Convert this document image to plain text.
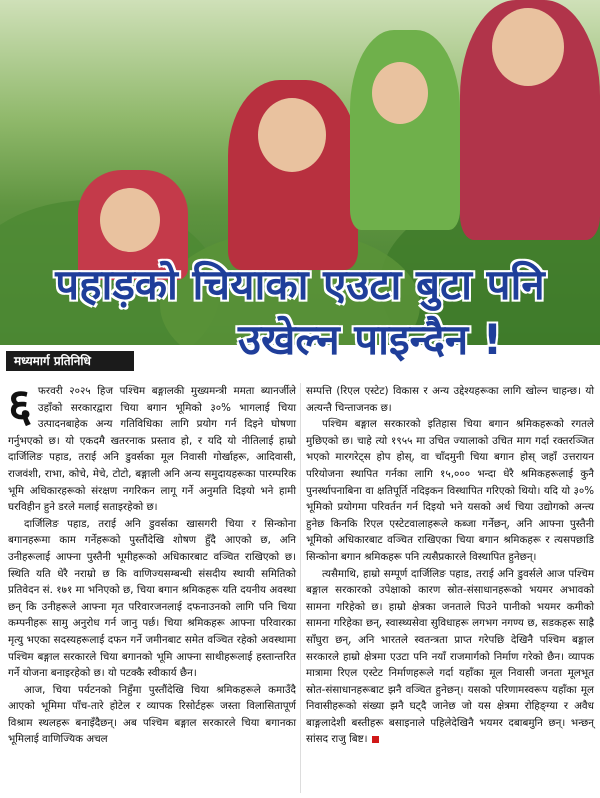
पहाड़को चियाका एउटा बुटा पनि
उखेल्न पाइन्दैन !
मध्यमार्ग प्रतिनिधि

६ फरवरी २०२५ हिज पश्चिम बङ्गालकी मुख्यमन्त्री ममता ब्यानर्जीले उहाँको सरकारद्वारा चिया बगान भूमिको ३०% भागलाई चिया उत्पादनबाहेक अन्य गतिविधिका लागि प्रयोग गर्न दिइने घोषणा गर्नुभएको छ। यो एकदमै खतरनाक प्रस्ताव हो, र यदि यो नीतिलाई हाम्रो दार्जिलिङ पहाड, तराई अनि डुवर्सका मूल निवासी गोर्खाहरू, आदिवासी, राजवंशी, राभा, कोचे, मेचे, टोटो, बङ्गाली अनि अन्य समुदायहरूका पारम्परिक भूमि अधिकारहरूको संरक्षण नगरिकन लागू गर्ने अनुमति दिइयो भने हामी घरविहीन हुने डरले मलाई सताइरहेको छ।

दार्जिलिङ पहाड, तराई अनि डुवर्सका खासगरी चिया र सिन्कोना बगानहरूमा काम गर्नेहरूको पुस्तौंदेखि शोषण हुँदै आएको छ, अनि उनीहरूलाई आफ्ना पुस्तैनी भूमीहरूको अधिकारबाट वञ्चित राखिएको छ। स्थिति यति धेरै नराम्रो छ कि वाणिज्यसम्बन्धी संसदीय स्थायी समितिको प्रतिवेदन सं. १७१ मा भनिएको छ, चिया बगान श्रमिकहरू यति दयनीय अवस्था छन् कि उनीहरूले आफ्ना मृत परिवारजनलाई दफनाउनको लागि पनि चिया कम्पनीहरू सामु अनुरोध गर्न जानु पर्छ। चिया श्रमिकहरू आफ्ना परिवारका मृत्यु भएका सदस्यहरूलाई दफन गर्ने जमीनबाट समेत वञ्चित रहेको अवस्थामा पश्चिम बङ्गाल सरकारले चिया बगानको भूमि आफ्ना साथीहरूलाई हस्तान्तरित गर्ने योजना बनाइरहेको छ। यो पटक्कै स्वीकार्य छैन।

आज, चिया पर्यटनको निहुँमा पुस्तौंदेखि चिया श्रमिकहरूले कमाउँदै आएको भूमिमा पाँच-तारे होटेल र व्यापक रिसोर्टहरू जस्ता विलासितापूर्ण विश्राम स्थलहरू बनाइँदैछन्। अब पश्चिम बङ्गाल सरकारले चिया बगानका भूमिलाई वाणिज्यिक अचल

सम्पत्ति (रिएल एस्टेट) विकास र अन्य उद्देश्यहरूका लागि खोल्न चाहन्छ। यो अत्यन्तै चिन्ताजनक छ।

पश्चिम बङ्गाल सरकारको इतिहास चिया बगान श्रमिकहरूको रगतले मुछिएको छ। चाहे त्यो १९५५ मा उचित ज्यालाको उचित माग गर्दा रक्तरञ्जित भएको मारगरेट्स होप होस्, वा चाँदमुनी चिया बगान होस् जहाँ उत्तरायन परियोजना स्थापित गर्नका लागि १५,००० भन्दा धेरै श्रमिकहरूलाई कुनै पुनर्स्थापनाबिना वा क्षतिपूर्ति नदिइकन विस्थापित गरिएको थियो। यदि यो ३०% भूमिको प्रयोगमा परिवर्तन गर्न दिइयो भने यसको अर्थ चिया उद्योगको अन्त्य हुनेछ किनकि रिएल एस्टेटवालाहरूले कब्जा गर्नेछन्, अनि आफ्ना पुस्तैनी भूमिको अधिकारबाट वञ्चित राखिएका चिया बगान श्रमिकहरू र त्यसपछाडि सिन्कोना बगान श्रमिकहरू पनि त्यसैप्रकारले विस्थापित हुनेछन्।

त्यसैमाथि, हाम्रो सम्पूर्ण दार्जिलिङ पहाड, तराई अनि डुवर्सले आज पश्चिम बङ्गाल सरकारको उपेक्षाको कारण स्रोत-संसाधानहरूको भयमर अभावको सामना गरिहेको छ। हाम्रो क्षेत्रका जनताले पिउने पानीको भयमर कमीको सामना गरिहेका छन्, स्वास्थ्यसेवा सुविधाहरू लगभग नगण्य छ, सडकहरू साह्रै साँघुरा छन्, अनि भारतले स्वतन्त्रता प्राप्त गरेपछि देखिनै पश्चिम बङ्गाल सरकारले हाम्रो क्षेत्रमा एउटा पनि नयाँ राजमार्गको निर्माण गरेको छैन। व्यापक मात्रामा रिएल एस्टेट निर्माणहरूले गर्दा यहाँका मूल निवासी जनता मूलभूत स्रोत-संसाधानहरूबाट झनै वञ्चित हुनेछन्। यसको परिणामस्वरूप यहाँका मूल निवासीहरूको संख्या झनै घट्दै जानेछ जो यस क्षेत्रमा रोहिङ्ग्या र अवैध बाङ्गलादेशी बस्तीहरू बसाइनाले पहिलेदेखिनै भयमर दबाबमुनि छन्। भन्छन् सांसद राजु बिष्ट।
